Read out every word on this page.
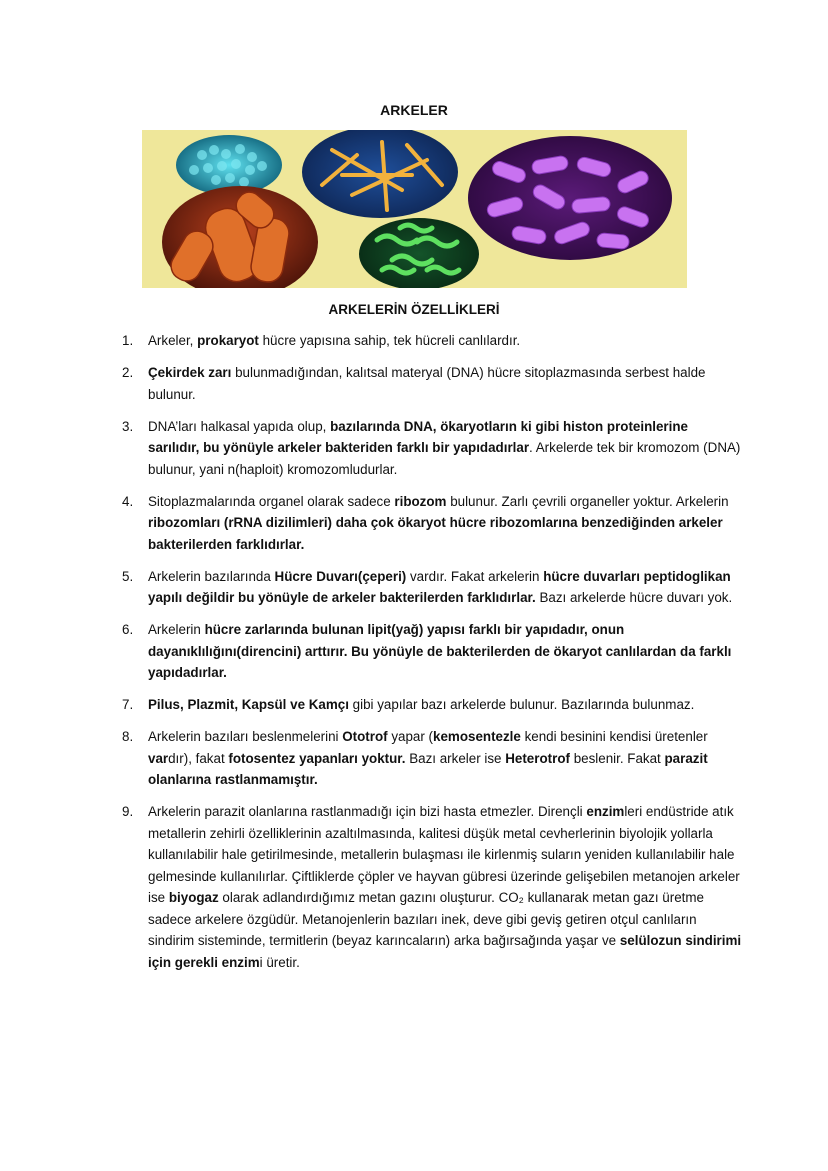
ARKELER
ARKELERİN ÖZELLİKLERİ
1. Arkeler, prokaryot hücre yapısına sahip, tek hücreli canlılardır.
2. Çekirdek zarı bulunmadığından, kalıtsal materyal (DNA) hücre sitoplazmasında serbest halde bulunur.
3. DNA’ları halkasal yapıda olup, bazılarında DNA, ökaryotların ki gibi histon proteinlerine sarılıdır, bu yönüyle arkeler bakteriden farklı bir yapıdadırlar. Arkelerde tek bir kromozom (DNA) bulunur, yani n(haploit) kromozomludurlar.
4. Sitoplazmalarında organel olarak sadece ribozom bulunur. Zarlı çevrili organeller yoktur. Arkelerin ribozomları (rRNA dizilimleri) daha çok ökaryot hücre ribozomlarına benzediğinden arkeler bakterilerden farklıdırlar.
5. Arkelerin bazılarında Hücre Duvarı(çeperi) vardır. Fakat arkelerin hücre duvarları peptidoglikan yapılı değildir bu yönüyle de arkeler bakterilerden farklıdırlar. Bazı arkelerde hücre duvarı yok.
6. Arkelerin hücre zarlarında bulunan lipit(yağ) yapısı farklı bir yapıdadır, onun dayanıklılığını(direncini) arttırır. Bu yönüyle de bakterilerden de ökaryot canlılardan da farklı yapıdadırlar.
7. Pilus, Plazmit, Kapsül ve Kamçı gibi yapılar bazı arkelerde bulunur. Bazılarında bulunmaz.
8. Arkelerin bazıları beslenmelerini Ototrof yapar (kemosentezle kendi besinini kendisi üretenler vardır), fakat fotosentez yapanları yoktur. Bazı arkeler ise Heterotrof beslenir. Fakat parazit olanlarına rastlanmamıştır.
9. Arkelerin parazit olanlarına rastlanmadığı için bizi hasta etmezler. Dirençli enzimleri endüstride atık metallerin zehirli özelliklerinin azaltılmasında, kalitesi düşük metal cevherlerinin biyolojik yollarla kullanılabilir hale getirilmesinde, metallerin bulaşması ile kirlenmiş suların yeniden kullanılabilir hale gelmesinde kullanılırlar. Çiftliklerde çöpler ve hayvan gübresi üzerinde gelişebilen metanojen arkeler ise biyogaz olarak adlandırdığımız metan gazını oluşturur. CO₂ kullanarak metan gazı üretme sadece arkelere özgüdür. Metanojenlerin bazıları inek, deve gibi geviş getiren otçul canlıların sindirim sisteminde, termitlerin (beyaz karıncaların) arka bağırsağında yaşar ve selülozun sindirimi için gerekli enzimi üretir.
